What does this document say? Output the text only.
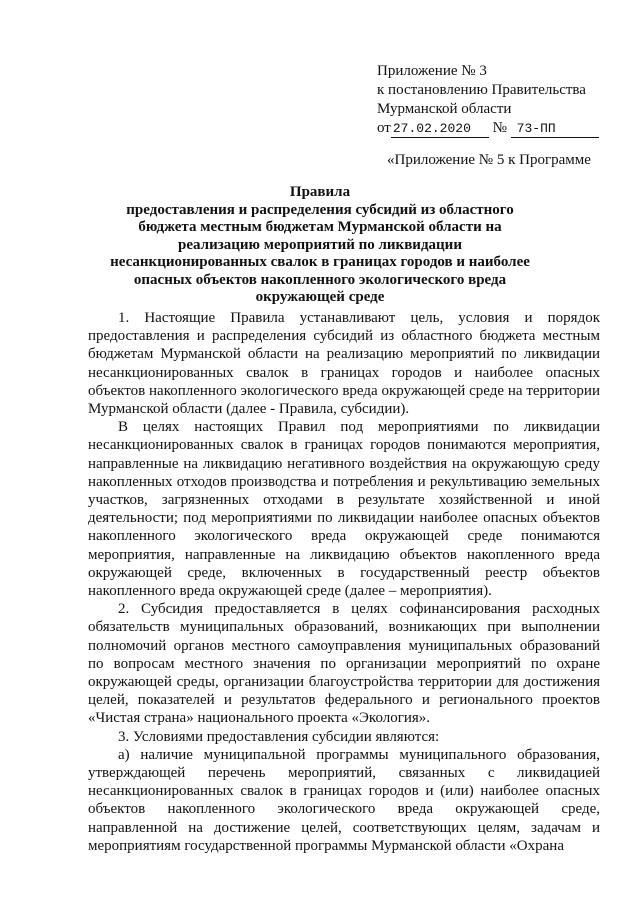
Приложение № 3
к постановлению Правительства
Мурманской области
от 27.02.2020 № 73-ПП
«Приложение № 5 к Программе
Правила
предоставления и распределения субсидий из областного бюджета местным бюджетам Мурманской области на реализацию мероприятий по ликвидации несанкционированных свалок в границах городов и наиболее опасных объектов накопленного экологического вреда окружающей среде

1. Настоящие Правила устанавливают цель, условия и порядок предоставления и распределения субсидий из областного бюджета местным бюджетам Мурманской области на реализацию мероприятий по ликвидации несанкционированных свалок в границах городов и наиболее опасных объектов накопленного экологического вреда окружающей среде на территории Мурманской области (далее - Правила, субсидии).

В целях настоящих Правил под мероприятиями по ликвидации несанкционированных свалок в границах городов понимаются мероприятия, направленные на ликвидацию негативного воздействия на окружающую среду накопленных отходов производства и потребления и рекультивацию земельных участков, загрязненных отходами в результате хозяйственной и иной деятельности; под мероприятиями по ликвидации наиболее опасных объектов накопленного экологического вреда окружающей среде понимаются мероприятия, направленные на ликвидацию объектов накопленного вреда окружающей среде, включенных в государственный реестр объектов накопленного вреда окружающей среде (далее – мероприятия).

2. Субсидия предоставляется в целях софинансирования расходных обязательств муниципальных образований, возникающих при выполнении полномочий органов местного самоуправления муниципальных образований по вопросам местного значения по организации мероприятий по охране окружающей среды, организации благоустройства территории для достижения целей, показателей и результатов федерального и регионального проектов «Чистая страна» национального проекта «Экология».

3. Условиями предоставления субсидии являются:

а) наличие муниципальной программы муниципального образования, утверждающей перечень мероприятий, связанных с ликвидацией несанкционированных свалок в границах городов и (или) наиболее опасных объектов накопленного экологического вреда окружающей среде, направленной на достижение целей, соответствующих целям, задачам и мероприятиям государственной программы Мурманской области «Охрана
